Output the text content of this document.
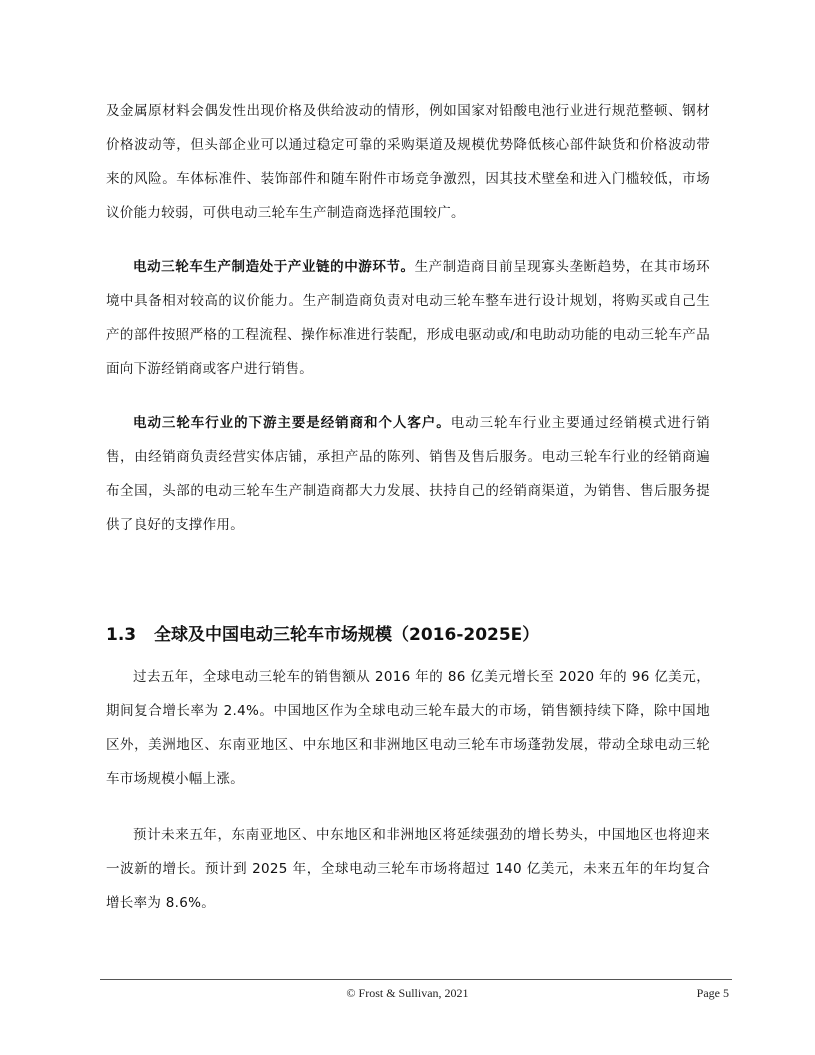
及金属原材料会偶发性出现价格及供给波动的情形，例如国家对铅酸电池行业进行规范整顿、钢材价格波动等，但头部企业可以通过稳定可靠的采购渠道及规模优势降低核心部件缺货和价格波动带来的风险。车体标准件、装饰部件和随车附件市场竞争激烈，因其技术壁垒和进入门槛较低，市场议价能力较弱，可供电动三轮车生产制造商选择范围较广。

电动三轮车生产制造处于产业链的中游环节。生产制造商目前呈现寡头垄断趋势，在其市场环境中具备相对较高的议价能力。生产制造商负责对电动三轮车整车进行设计规划，将购买或自己生产的部件按照严格的工程流程、操作标准进行装配，形成电驱动或/和电助动功能的电动三轮车产品面向下游经销商或客户进行销售。

电动三轮车行业的下游主要是经销商和个人客户。电动三轮车行业主要通过经销模式进行销售，由经销商负责经营实体店铺，承担产品的陈列、销售及售后服务。电动三轮车行业的经销商遍布全国，头部的电动三轮车生产制造商都大力发展、扶持自己的经销商渠道，为销售、售后服务提供了良好的支撑作用。

1.3 全球及中国电动三轮车市场规模（2016-2025E）

过去五年，全球电动三轮车的销售额从 2016 年的 86 亿美元增长至 2020 年的 96 亿美元，期间复合增长率为 2.4%。中国地区作为全球电动三轮车最大的市场，销售额持续下降，除中国地区外，美洲地区、东南亚地区、中东地区和非洲地区电动三轮车市场蓬勃发展，带动全球电动三轮车市场规模小幅上涨。

预计未来五年，东南亚地区、中东地区和非洲地区将延续强劲的增长势头，中国地区也将迎来一波新的增长。预计到 2025 年，全球电动三轮车市场将超过 140 亿美元，未来五年的年均复合增长率为 8.6%。

© Frost & Sullivan, 2021	Page 5
